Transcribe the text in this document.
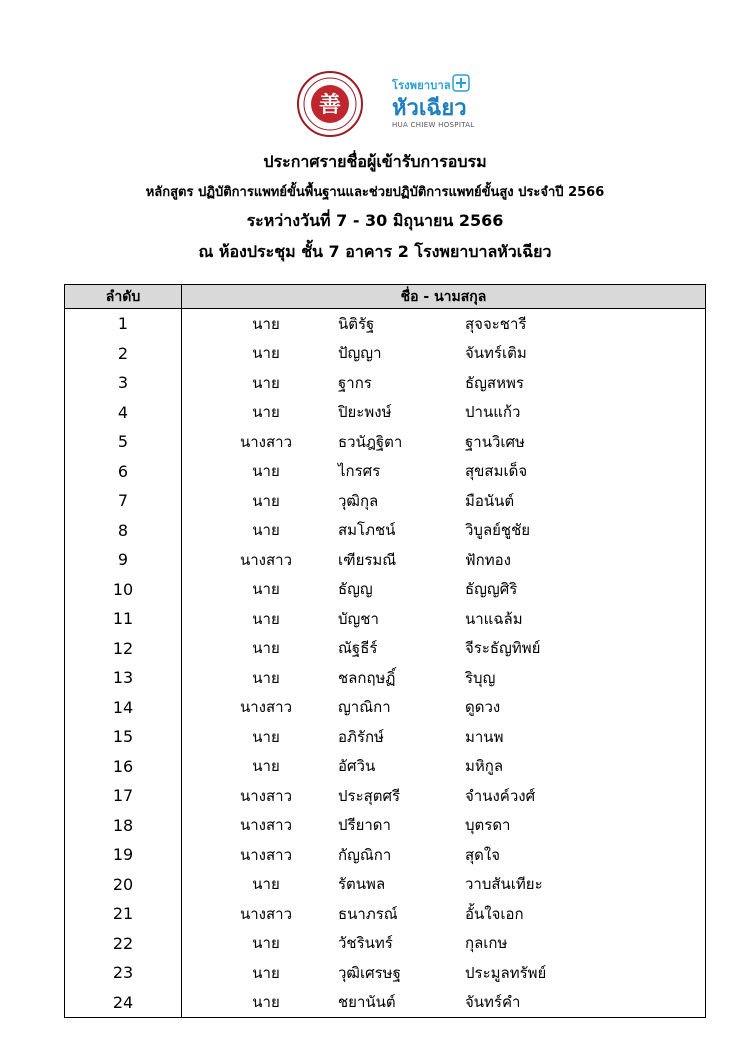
善
โรงพยาบาล
หัวเฉียว
HUA CHIEW HOSPITAL
ประกาศรายชื่อผู้เข้ารับการอบรม
หลักสูตร ปฏิบัติการแพทย์ขั้นพื้นฐานและช่วยปฏิบัติการแพทย์ขั้นสูง ประจำปี 2566
ระหว่างวันที่ 7 - 30 มิถุนายน 2566
ณ ห้องประชุม ชั้น 7 อาคาร 2 โรงพยาบาลหัวเฉียว
ลำดับ	ชื่อ - นามสกุล
1	นาย นิติรัฐ สุจจะชารี

2	นาย ปัญญา จันทร์เติม

3	นาย ฐากร ธัญสหพร

4	นาย ปิยะพงษ์ ปานแก้ว

5	นางสาว ธวนัฎฐิตา ฐานวิเศษ

6	นาย ไกรศร สุขสมเด็จ

7	นาย วุฒิกุล มือนันต์

8	นาย สมโภชน์ วิบูลย์ชูชัย

9	นางสาว เฑียรมณี ฟักทอง

10	นาย ธัญญ ธัญญศิริ

11	นาย บัญชา นาแฉล้ม

12	นาย ณัฐธีร์ จีระธัญทิพย์

13	นาย ชลกฤษฏิ์ ริบุญ

14	นางสาว ญาณิกา ดูดวง

15	นาย อภิรักษ์ มานพ

16	นาย อัศวิน มหิกูล

17	นางสาว ประสุตศรี จำนงค์วงศ์

18	นางสาว ปรียาดา บุตรดา

19	นางสาว กัญณิกา สุดใจ

20	นาย รัตนพล วาบสันเทียะ

21	นางสาว ธนาภรณ์ อั้นใจเอก

22	นาย วัชรินทร์ กุลเกษ

23	นาย วุฒิเศรษฐ ประมูลทรัพย์

24	นาย ชยานันต์ จันทร์คำ
